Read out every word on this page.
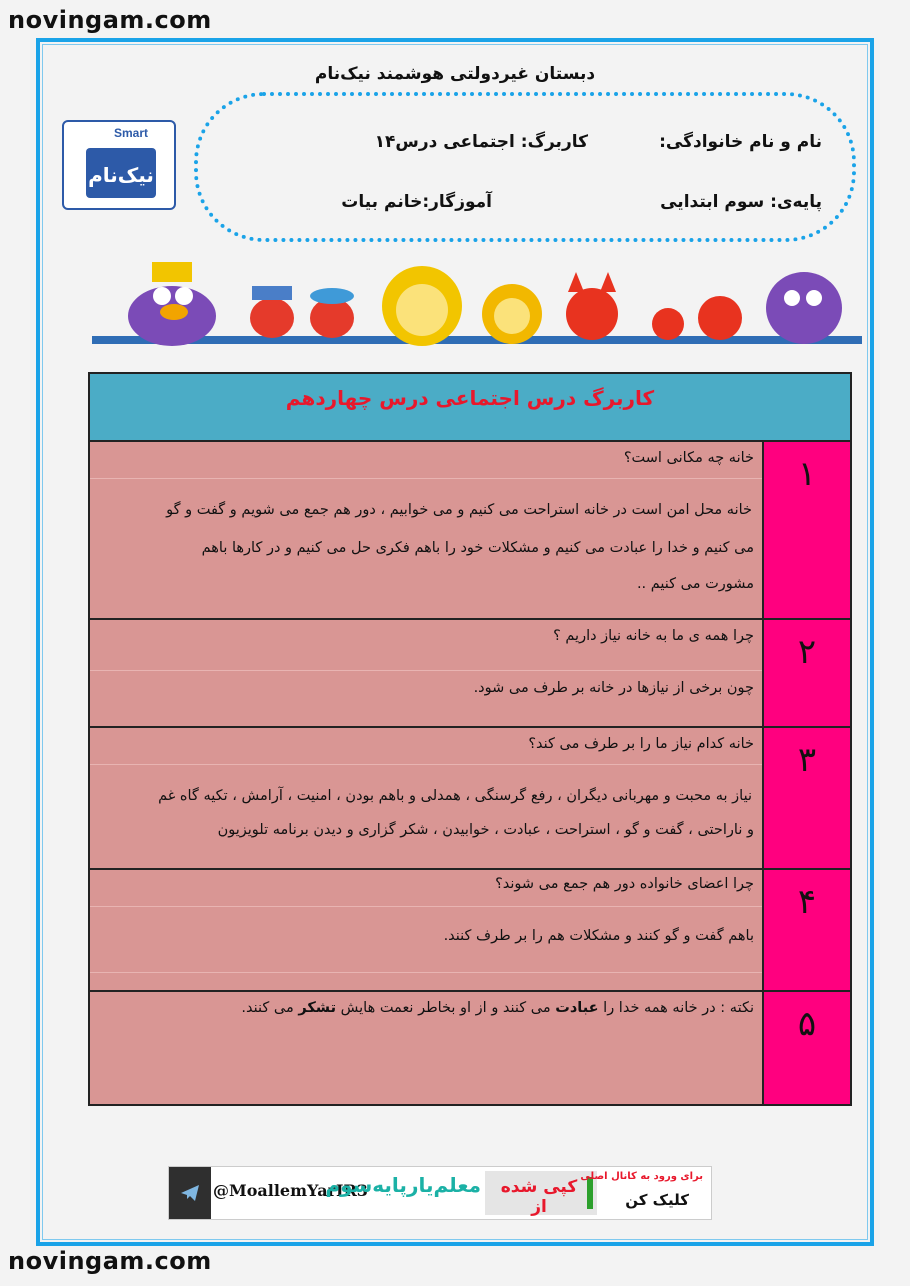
novingam.com
دبستان غیردولتی هوشمند نیک‌نام
نام و نام خانوادگی:
کاربرگ: اجتماعی درس۱۴
پایه‌ی: سوم ابتدایی
آموزگار:خانم بیات
Smart
نیک‌نام
کاربرگ درس اجتماعی درس چهاردهم
خانه چه مکانی است؟
خانه محل امن است در خانه استراحت می کنیم و می خوابیم ، دور هم جمع می شویم و گفت و گو
می کنیم و خدا را عبادت می کنیم و مشکلات خود را باهم فکری حل می کنیم و در کارها باهم
مشورت می کنیم ..
۱
چرا همه ی ما به خانه نیاز داریم ؟
چون برخی از نیازها در خانه بر طرف می شود.
۲
خانه کدام نیاز ما را بر طرف می کند؟
نیاز به محبت و مهربانی دیگران ، رفع گرسنگی ، همدلی و باهم بودن ، امنیت ، آرامش ، تکیه گاه غم
و ناراحتی ، گفت و گو ، استراحت ، عبادت ، خوابیدن ، شکر گزاری و دیدن برنامه تلویزیون
۳
چرا اعضای خانواده دور هم جمع می شوند؟
باهم گفت و گو کنند و مشکلات هم را بر طرف کنند.
۴
نکته : در خانه همه خدا را عبادت می کنند و از او بخاطر نعمت هایش تشکر می کنند.	۵
@MoallemYarIR3
معلم‌یارپایه‌سوم	کپی شده از
برای ورود به کانال اصلی
کلیک کن
novingam.com
